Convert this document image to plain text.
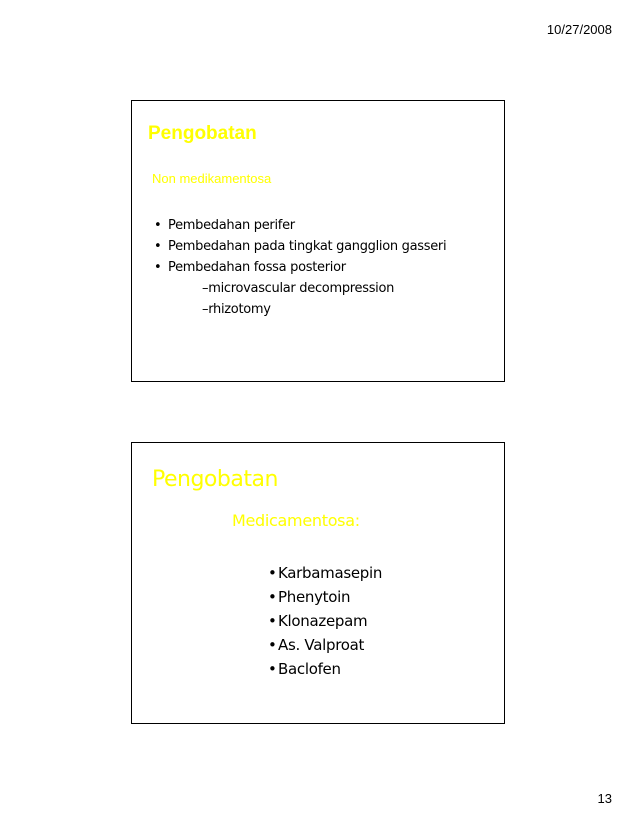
10/27/2008
Pengobatan
Non medikamentosa
• Pembedahan perifer
• Pembedahan pada tingkat gangglion gasseri
• Pembedahan fossa posterior
–microvascular decompression
–rhizotomy
Pengobatan
Medicamentosa:
•Karbamasepin
•Phenytoin
•Klonazepam
•As. Valproat
•Baclofen
13
